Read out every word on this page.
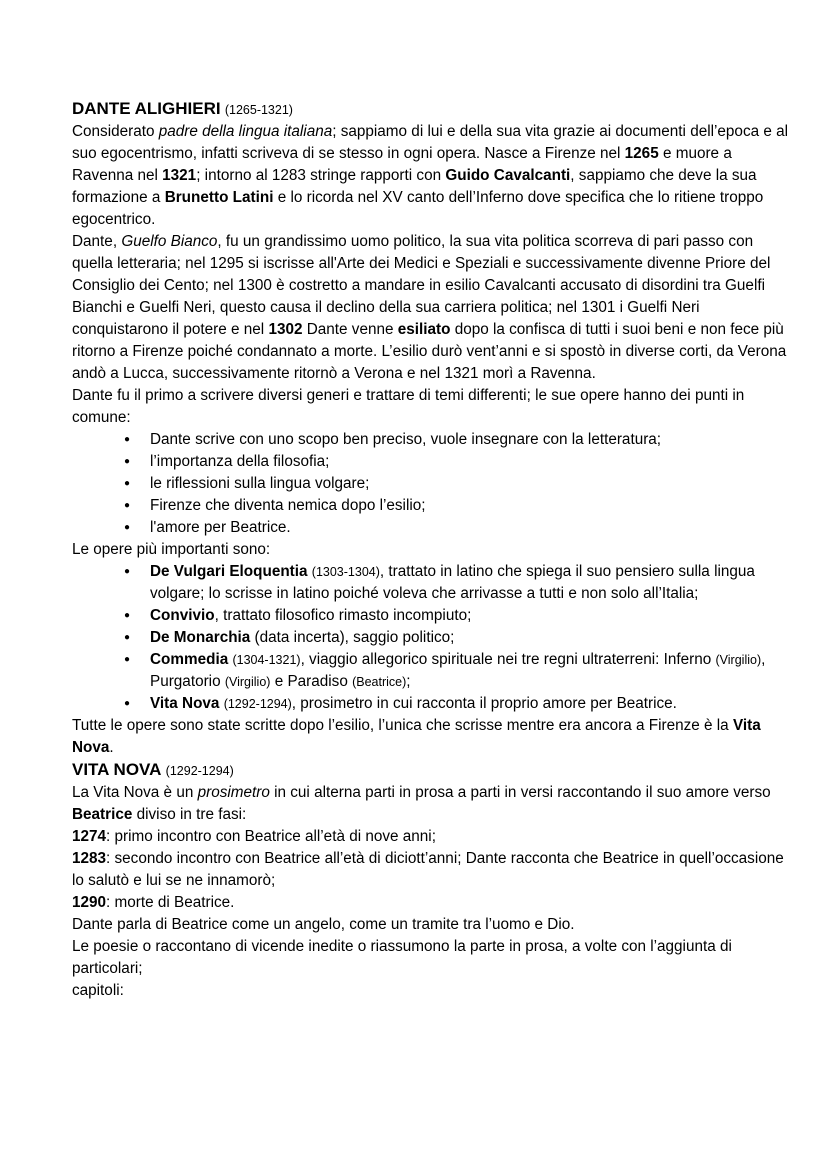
DANTE ALIGHIERI (1265-1321)

Considerato padre della lingua italiana; sappiamo di lui e della sua vita grazie ai documenti dell’epoca e al suo egocentrismo, infatti scriveva di se stesso in ogni opera. Nasce a Firenze nel 1265 e muore a Ravenna nel 1321; intorno al 1283 stringe rapporti con Guido Cavalcanti, sappiamo che deve la sua formazione a Brunetto Latini e lo ricorda nel XV canto dell’Inferno dove specifica che lo ritiene troppo egocentrico.

Dante, Guelfo Bianco, fu un grandissimo uomo politico, la sua vita politica scorreva di pari passo con quella letteraria; nel 1295 si iscrisse all'Arte dei Medici e Speziali e successivamente divenne Priore del Consiglio dei Cento; nel 1300 è costretto a mandare in esilio Cavalcanti accusato di disordini tra Guelfi Bianchi e Guelfi Neri, questo causa il declino della sua carriera politica; nel 1301 i Guelfi Neri conquistarono il potere e nel 1302 Dante venne esiliato dopo la confisca di tutti i suoi beni e non fece più ritorno a Firenze poiché condannato a morte. L’esilio durò vent’anni e si spostò in diverse corti, da Verona andò a Lucca, successivamente ritornò a Verona e nel 1321 morì a Ravenna.

Dante fu il primo a scrivere diversi generi e trattare di temi differenti; le sue opere hanno dei punti in comune:

● Dante scrive con uno scopo ben preciso, vuole insegnare con la letteratura;
● l’importanza della filosofia;
● le riflessioni sulla lingua volgare;
● Firenze che diventa nemica dopo l’esilio;
● l'amore per Beatrice.

Le opere più importanti sono:

● De Vulgari Eloquentia (1303-1304), trattato in latino che spiega il suo pensiero sulla lingua volgare; lo scrisse in latino poiché voleva che arrivasse a tutti e non solo all’Italia;
● Convivio, trattato filosofico rimasto incompiuto;
● De Monarchia (data incerta), saggio politico;
● Commedia (1304-1321), viaggio allegorico spirituale nei tre regni ultraterreni: Inferno (Virgilio), Purgatorio (Virgilio) e Paradiso (Beatrice);
● Vita Nova (1292-1294), prosimetro in cui racconta il proprio amore per Beatrice.

Tutte le opere sono state scritte dopo l’esilio, l’unica che scrisse mentre era ancora a Firenze è la Vita Nova.

VITA NOVA (1292-1294)

La Vita Nova è un prosimetro in cui alterna parti in prosa a parti in versi raccontando il suo amore verso Beatrice diviso in tre fasi:

1274: primo incontro con Beatrice all’età di nove anni;

1283: secondo incontro con Beatrice all’età di diciott’anni; Dante racconta che Beatrice in quell’occasione lo salutò e lui se ne innamorò;

1290: morte di Beatrice.

Dante parla di Beatrice come un angelo, come un tramite tra l’uomo e Dio.

Le poesie o raccontano di vicende inedite o riassumono la parte in prosa, a volte con l’aggiunta di particolari;

capitoli:
